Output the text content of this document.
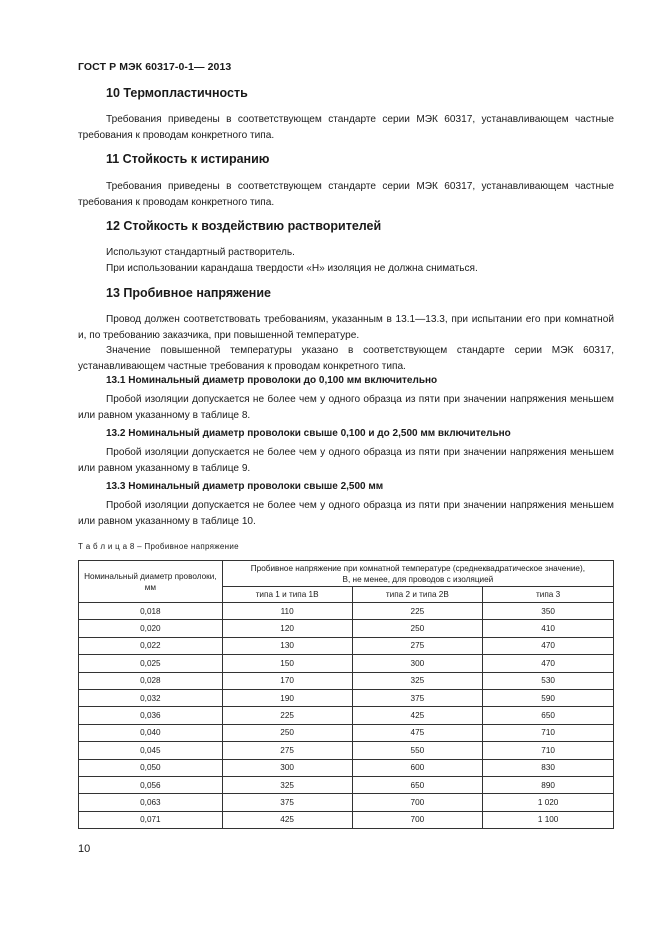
ГОСТ Р МЭК 60317-0-1— 2013
10 Термопластичность
Требования приведены в соответствующем стандарте серии МЭК 60317, устанавливающем частные требования к проводам конкретного типа.
11 Стойкость к истиранию
Требования приведены в соответствующем стандарте серии МЭК 60317, устанавливающем частные требования к проводам конкретного типа.
12 Стойкость к воздействию растворителей
Используют стандартный растворитель.
При использовании карандаша твердости «H» изоляция не должна сниматься.
13 Пробивное напряжение
Провод должен соответствовать требованиям, указанным в 13.1—13.3, при испытании его при комнатной и, по требованию заказчика, при повышенной температуре.
Значение повышенной температуры указано в соответствующем стандарте серии МЭК 60317, устанавливающем частные требования к проводам конкретного типа.
13.1 Номинальный диаметр проволоки до 0,100 мм включительно
Пробой изоляции допускается не более чем у одного образца из пяти при значении напряжения меньшем или равном указанному в таблице 8.
13.2 Номинальный диаметр проволоки свыше 0,100 и до 2,500 мм включительно
Пробой изоляции допускается не более чем у одного образца из пяти при значении напряжения меньшем или равном указанному в таблице 9.
13.3 Номинальный диаметр проволоки свыше 2,500 мм
Пробой изоляции допускается не более чем у одного образца из пяти при значении напряжения меньшем или равном указанному в таблице 10.
Т а б л и ц а 8 – Пробивное напряжение
Номинальный диаметр проволоки, мм	Пробивное напряжение при комнатной температуре (среднеквадратическое значение),
В, не менее, для проводов с изоляцией		

	типа 1 и типа 1В	типа 2 и типа 2В	типа 3
0,018	110	225	350
0,020	120	250	410
0,022	130	275	470
0,025	150	300	470
0,028	170	325	530
0,032	190	375	590
0,036	225	425	650
0,040	250	475	710
0,045	275	550	710
0,050	300	600	830
0,056	325	650	890
0,063	375	700	1 020
0,071	425	700	1 100
10
